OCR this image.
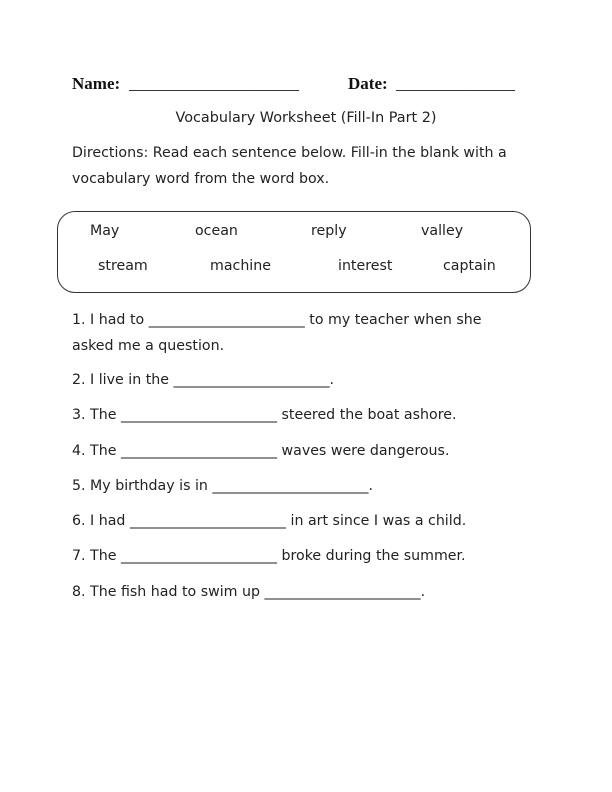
Name: ____________________	Date: ______________
Vocabulary Worksheet (Fill-In Part 2)
Directions: Read each sentence below. Fill-in the blank with a
vocabulary word from the word box.
May	ocean	reply	valley
stream	machine	interest	captain
1. I had to ______________________ to my teacher when she
asked me a question.
2. I live in the ______________________.
3. The ______________________ steered the boat ashore.
4. The ______________________ waves were dangerous.
5. My birthday is in ______________________.
6. I had ______________________ in art since I was a child.
7. The ______________________ broke during the summer.
8. The fish had to swim up ______________________.
